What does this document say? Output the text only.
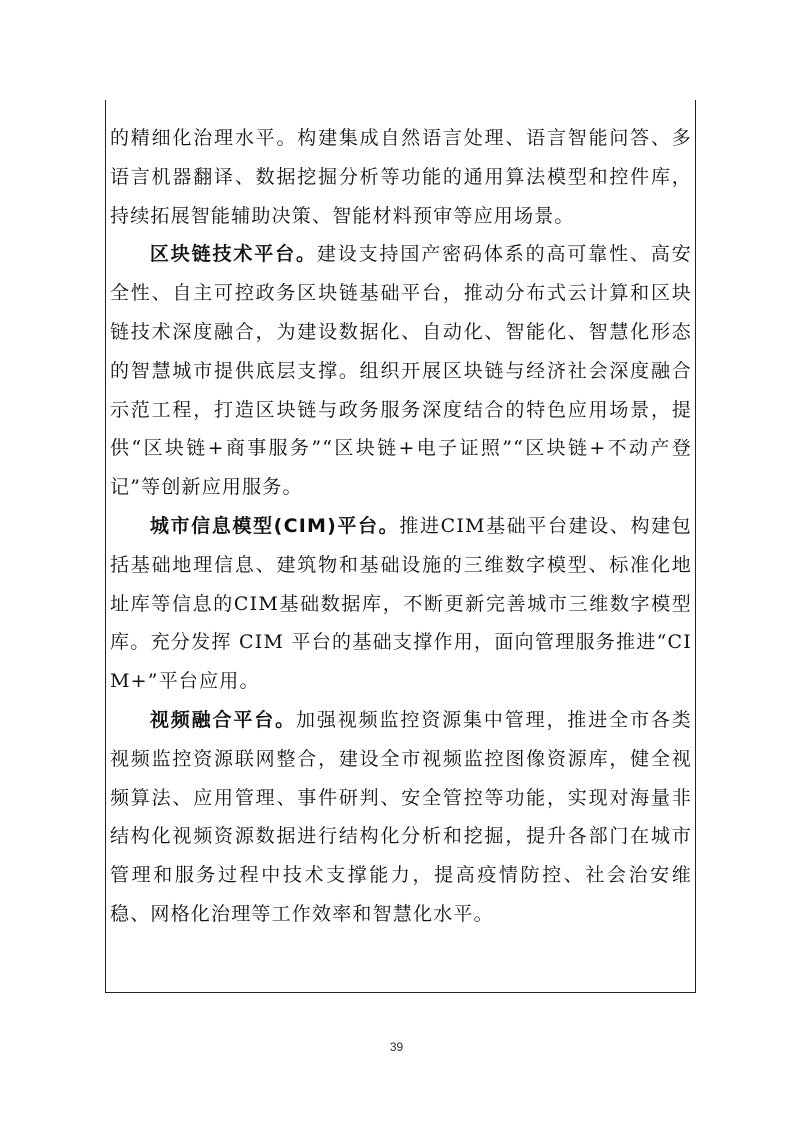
的精细化治理水平。构建集成自然语言处理、语言智能问答、多语言机器翻译、数据挖掘分析等功能的通用算法模型和控件库，持续拓展智能辅助决策、智能材料预审等应用场景。

区块链技术平台。建设支持国产密码体系的高可靠性、高安全性、自主可控政务区块链基础平台，推动分布式云计算和区块链技术深度融合，为建设数据化、自动化、智能化、智慧化形态的智慧城市提供底层支撑。组织开展区块链与经济社会深度融合示范工程，打造区块链与政务服务深度结合的特色应用场景，提供“区块链+商事服务”“区块链+电子证照”“区块链+不动产登记”等创新应用服务。

城市信息模型(CIM)平台。推进CIM基础平台建设、构建包括基础地理信息、建筑物和基础设施的三维数字模型、标准化地址库等信息的CIM基础数据库，不断更新完善城市三维数字模型库。充分发挥 CIM 平台的基础支撑作用，面向管理服务推进“CIM+”平台应用。

视频融合平台。加强视频监控资源集中管理，推进全市各类视频监控资源联网整合，建设全市视频监控图像资源库，健全视频算法、应用管理、事件研判、安全管控等功能，实现对海量非结构化视频资源数据进行结构化分析和挖掘，提升各部门在城市管理和服务过程中技术支撑能力，提高疫情防控、社会治安维稳、网格化治理等工作效率和智慧化水平。

39
